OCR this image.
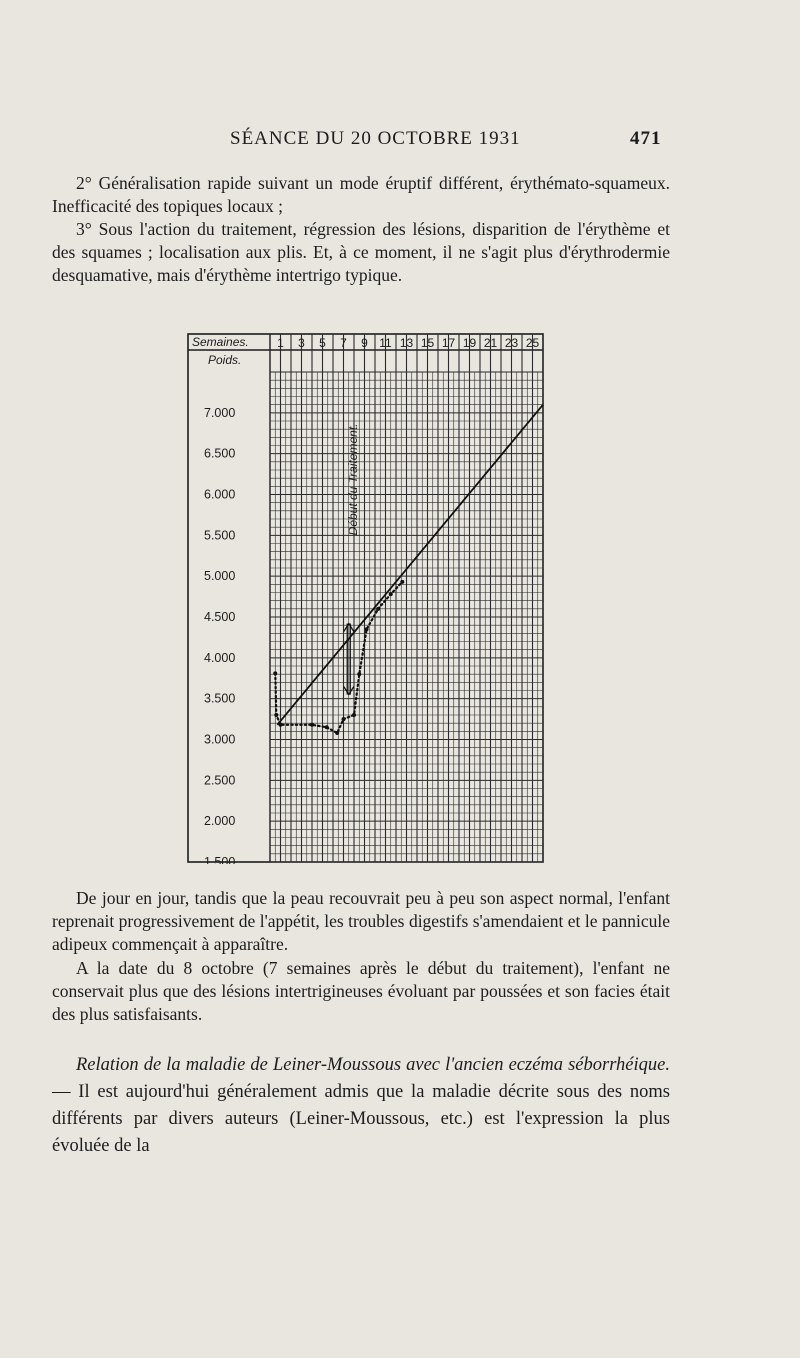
SÉANCE DU 20 OCTOBRE 1931	471

2° Généralisation rapide suivant un mode éruptif différent, érythémato-squameux. Inefficacité des topiques locaux ;

3° Sous l'action du traitement, régression des lésions, disparition de l'érythème et des squames ; localisation aux plis. Et, à ce moment, il ne s'agit plus d'érythrodermie desquamative, mais d'érythème intertrigo typique.

Semaines.
Poids.
1 3 5 7 9 11 13 15 17 19 21 23 25
7.000
6.500
6.000
5.500
5.000
4.500
4.000
3.500
3.000
2.500
2.000
1.500
Début du Traitement.

De jour en jour, tandis que la peau recouvrait peu à peu son aspect normal, l'enfant reprenait progressivement de l'appétit, les troubles digestifs s'amendaient et le pannicule adipeux commençait à apparaître.

A la date du 8 octobre (7 semaines après le début du traitement), l'enfant ne conservait plus que des lésions intertrigineuses évoluant par poussées et son facies était des plus satisfaisants.

Relation de la maladie de Leiner-Moussous avec l'ancien eczéma séborrhéique. — Il est aujourd'hui généralement admis que la maladie décrite sous des noms différents par divers auteurs (Leiner-Moussous, etc.) est l'expression la plus évoluée de la
